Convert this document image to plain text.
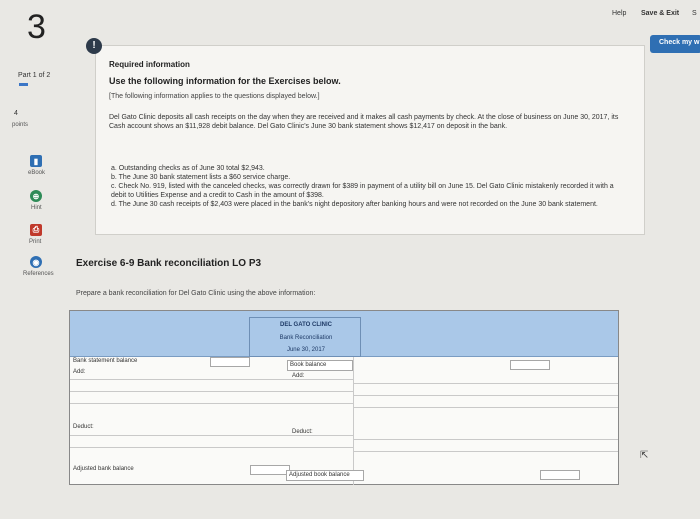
Help Save & Exit S
Check my w
3
Part 1 of 2
4
points
▮
eBook
⊕
Hint
⎙
Print
◉
References
!
Required information
Use the following information for the Exercises below.
[The following information applies to the questions displayed below.]
Del Gato Clinic deposits all cash receipts on the day when they are received and it makes all cash payments by check. At the close of business on June 30, 2017, its Cash account shows an $11,928 debit balance. Del Gato Clinic's June 30 bank statement shows $12,417 on deposit in the bank.
a. Outstanding checks as of June 30 total $2,943.
b. The June 30 bank statement lists a $60 service charge.
c. Check No. 919, listed with the canceled checks, was correctly drawn for $389 in payment of a utility bill on June 15. Del Gato Clinic mistakenly recorded it with a debit to Utilities Expense and a credit to Cash in the amount of $398.
d. The June 30 cash receipts of $2,403 were placed in the bank's night depository after banking hours and were not recorded on the June 30 bank statement.
Exercise 6-9 Bank reconciliation LO P3
Prepare a bank reconciliation for Del Gato Clinic using the above information:
DEL GATO CLINIC
Bank Reconciliation
June 30, 2017
Bank statement balance
Add:
Deduct:
Adjusted bank balance
Book balance
Add:
Deduct:
Adjusted book balance
⇱
